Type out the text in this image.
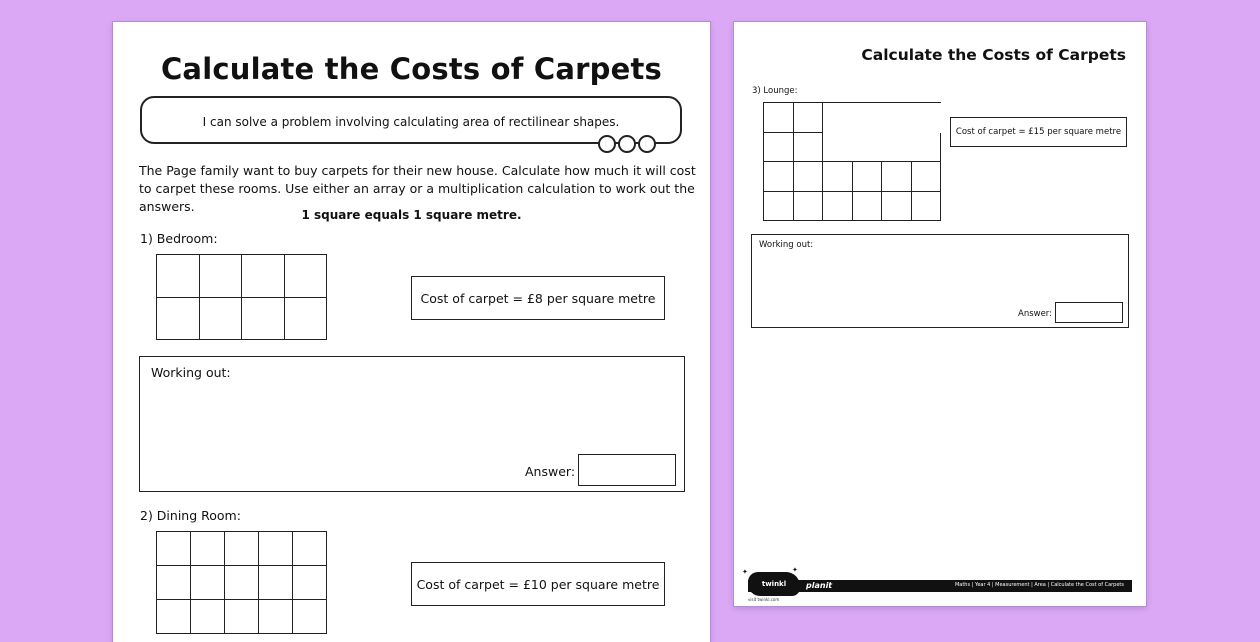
Calculate the Costs of Carpets
I can solve a problem involving calculating area of rectilinear shapes.
The Page family want to buy carpets for their new house. Calculate how much it will cost to carpet these rooms. Use either an array or a multiplication calculation to work out the answers.
1 square equals 1 square metre.
1) Bedroom:
Cost of carpet = £8 per square metre
Working out:
Answer:
2) Dining Room:
Cost of carpet = £10 per square metre
Calculate the Costs of Carpets
3) Lounge:
Cost of carpet = £15 per square metre
Working out:
Answer:
twinkl
✦	✦
planit	Maths | Year 4 | Measurement | Area | Calculate the Cost of Carpets
visit twinkl.com
